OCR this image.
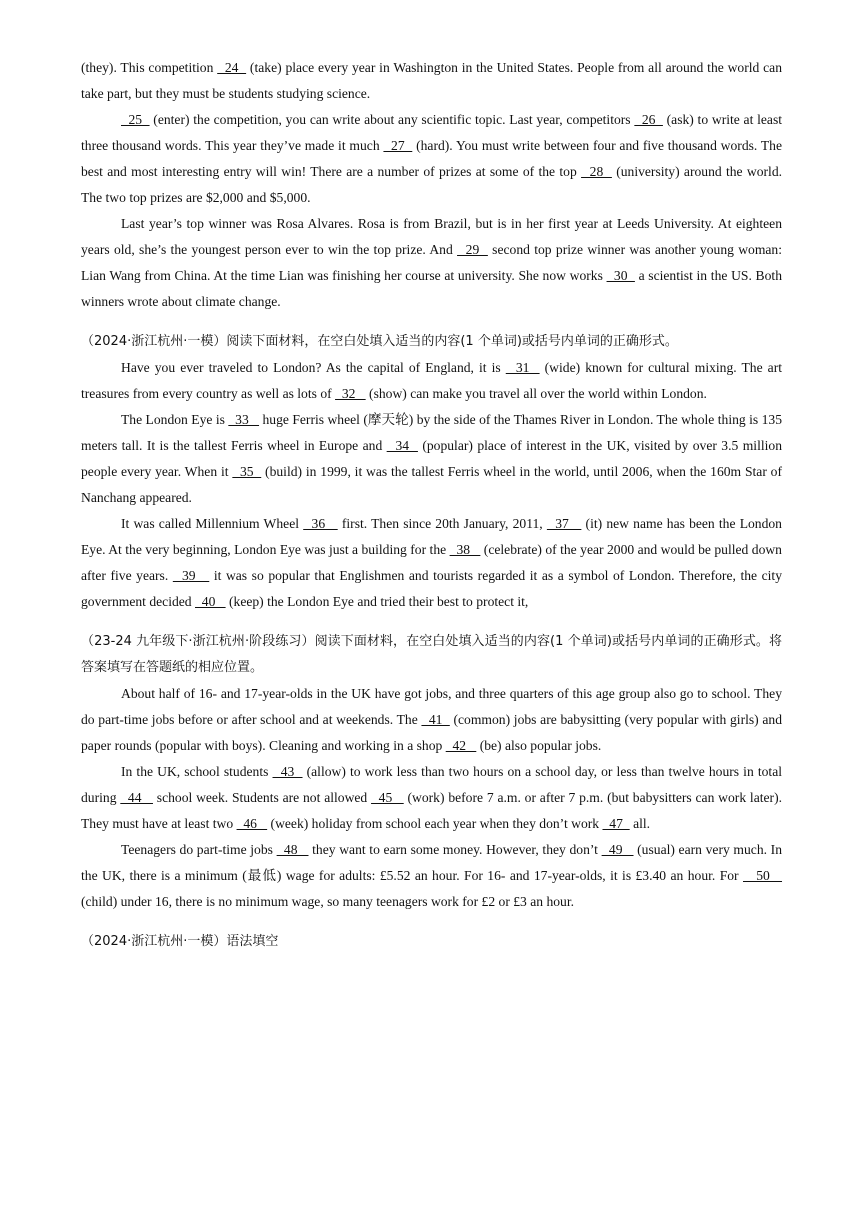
(they). This competition   24   (take) place every year in Washington in the United States. People from all around the world can take part, but they must be students studying science.

25   (enter) the competition, you can write about any scientific topic. Last year, competitors   26   (ask) to write at least three thousand words. This year they’ve made it much   27   (hard). You must write between four and five thousand words. The best and most interesting entry will win! There are a number of prizes at some of the top   28   (university) around the world. The two top prizes are $2,000 and $5,000.

Last year’s top winner was Rosa Alvares. Rosa is from Brazil, but is in her first year at Leeds University. At eighteen years old, she’s the youngest person ever to win the top prize. And   29   second top prize winner was another young woman: Lian Wang from China. At the time Lian was finishing her course at university. She now works   30   a scientist in the US. Both winners wrote about climate change.

（2024·浙江杭州·一模）阅读下面材料，在空白处填入适当的内容(1 个单词)或括号内单词的正确形式。

Have you ever traveled to London? As the capital of England, it is   31   (wide) known for cultural mixing. The art treasures from every country as well as lots of   32    (show) can make you travel all over the world within London.

The London Eye is   33    huge Ferris wheel (摩天轮) by the side of the Thames River in London. The whole thing is 135 meters tall. It is the tallest Ferris wheel in Europe and   34   (popular) place of interest in the UK, visited by over 3.5 million people every year. When it   35   (build) in 1999, it was the tallest Ferris wheel in the world, until 2006, when the 160m Star of Nanchang appeared.

It was called Millennium Wheel   36    first. Then since 20th January, 2011,   37    (it) new name has been the London Eye. At the very beginning, London Eye was just a building for the   38    (celebrate) of the year 2000 and would be pulled down after five years.   39    it was so popular that Englishmen and tourists regarded it as a symbol of London. Therefore, the city government decided   40    (keep) the London Eye and tried their best to protect it,

（23-24 九年级下·浙江杭州·阶段练习）阅读下面材料，在空白处填入适当的内容(1 个单词)或括号内单词的正确形式。将答案填写在答题纸的相应位置。

About half of 16- and 17-year-olds in the UK have got jobs, and three quarters of this age group also go to school. They do part-time jobs before or after school and at weekends. The   41   (common) jobs are babysitting (very popular with girls) and paper rounds (popular with boys). Cleaning and working in a shop   42    (be) also popular jobs.

In the UK, school students   43   (allow) to work less than two hours on a school day, or less than twelve hours in total during   44    school week. Students are not allowed   45    (work) before 7 a.m. or after 7 p.m. (but babysitters can work later). They must have at least two   46    (week) holiday from school each year when they don’t work   47   all.

Teenagers do part-time jobs   48    they want to earn some money. However, they don’t   49    (usual) earn very much. In the UK, there is a minimum (最低) wage for adults: £5.52 an hour. For 16- and 17-year-olds, it is £3.40 an hour. For    50    (child) under 16, there is no minimum wage, so many teenagers work for £2 or £3 an hour.

（2024·浙江杭州·一模）语法填空
